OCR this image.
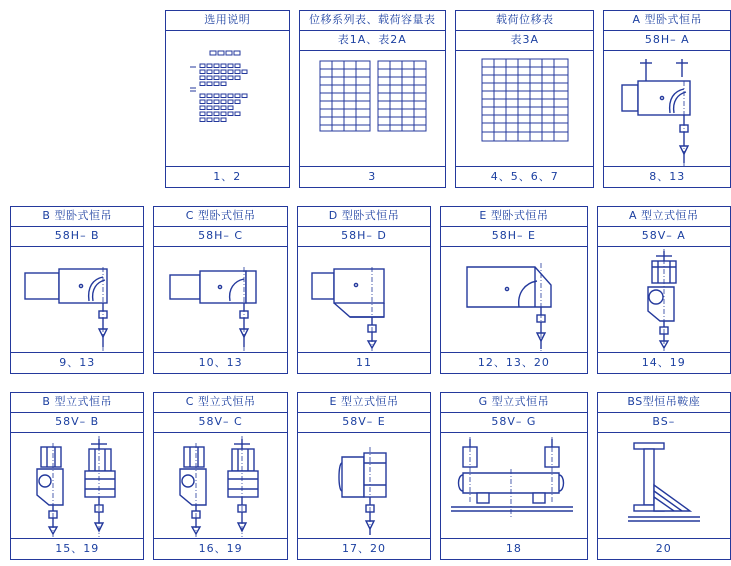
选用说明
1、2
位移系列表、载荷容量表
表1A、表2A
3
载荷位移表
表3A
4、5、6、7
A 型卧式恒吊
58H– A
8、13
B 型卧式恒吊
58H– B
9、13
C 型卧式恒吊
58H– C
10、13
D 型卧式恒吊
58H– D
11
E 型卧式恒吊
58H– E
12、13、20
A 型立式恒吊
58V– A
14、19
B 型立式恒吊
58V– B
15、19
C 型立式恒吊
58V– C
16、19
E 型立式恒吊
58V– E
17、20
G 型立式恒吊
58V– G
18
BS型恒吊鞍座
BS–
20
